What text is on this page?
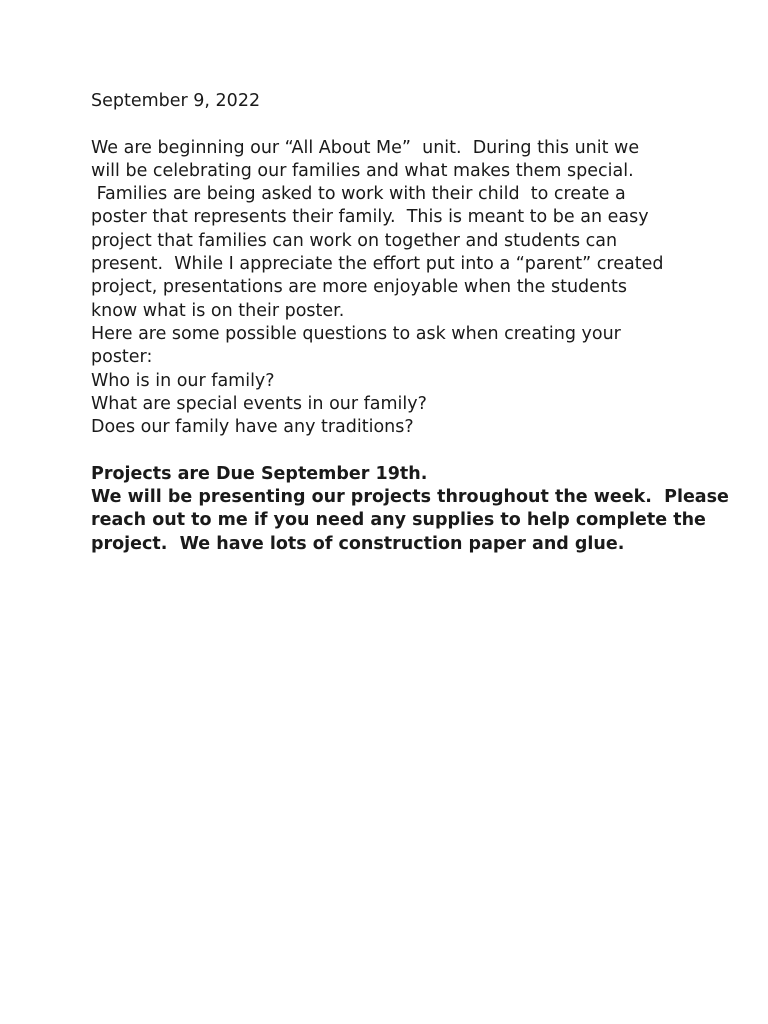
September 9, 2022
We are beginning our “All About Me”  unit.  During this unit we
will be celebrating our families and what makes them special.
Families are being asked to work with their child  to create a
poster that represents their family.  This is meant to be an easy
project that families can work on together and students can
present.  While I appreciate the effort put into a “parent” created
project, presentations are more enjoyable when the students
know what is on their poster.
Here are some possible questions to ask when creating your
poster:
Who is in our family?
What are special events in our family?
Does our family have any traditions?
Projects are Due September 19th.
We will be presenting our projects throughout the week.  Please
reach out to me if you need any supplies to help complete the
project.  We have lots of construction paper and glue.
